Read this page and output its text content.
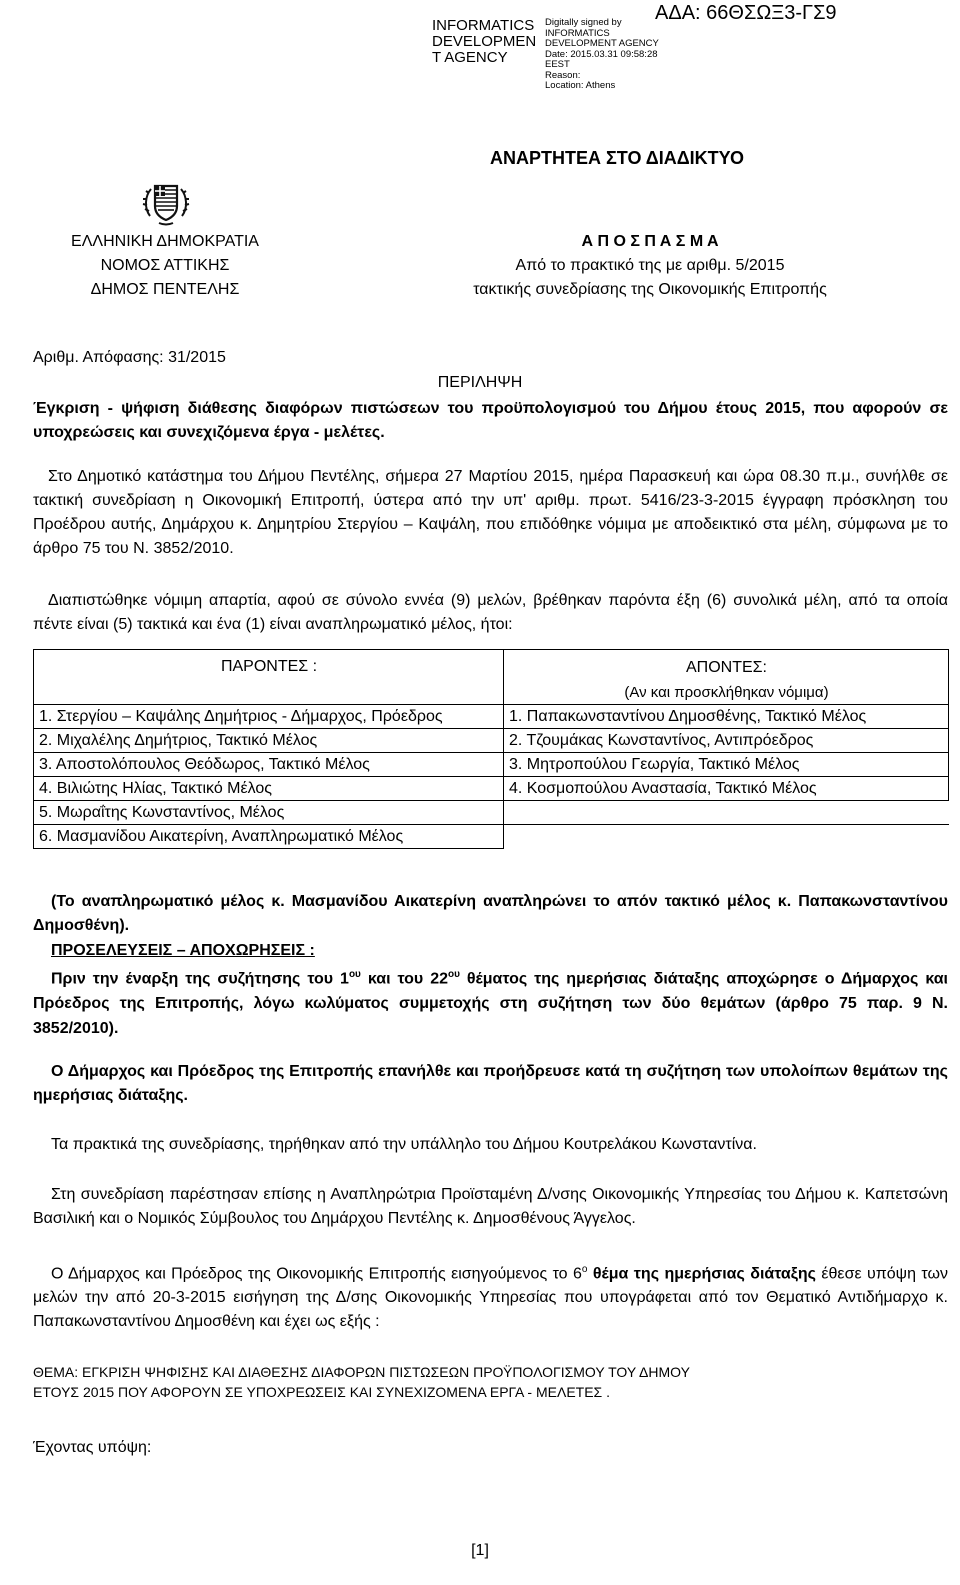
INFORMATICS DEVELOPMEN T AGENCY
Digitally signed by
INFORMATICS
DEVELOPMENT AGENCY
Date: 2015.03.31 09:58:28
EEST
Reason:
Location: Athens
ΑΔΑ: 66ΘΣΩΞ3-ΓΣ9
ΑΝΑΡΤΗΤΕΑ ΣΤΟ ΔΙΑΔΙΚΤΥΟ
ΕΛΛΗΝΙΚΗ ΔΗΜΟΚΡΑΤΙΑ
ΝΟΜΟΣ ΑΤΤΙΚΗΣ
ΔΗΜΟΣ ΠΕΝΤΕΛΗΣ
Α Π Ο Σ Π Α Σ Μ Α
Από το πρακτικό της με αριθμ. 5/2015
τακτικής συνεδρίασης της Οικονομικής Επιτροπής
Αριθμ. Απόφασης: 31/2015
ΠΕΡΙΛΗΨΗ
Έγκριση - ψήφιση διάθεσης διαφόρων πιστώσεων του προϋπολογισμού του Δήμου έτους 2015, που αφορούν σε υποχρεώσεις και συνεχιζόμενα έργα - μελέτες.
Στο Δημοτικό κατάστημα του Δήμου Πεντέλης, σήμερα 27 Μαρτίου 2015, ημέρα Παρασκευή και ώρα 08.30 π.μ., συνήλθε σε τακτική συνεδρίαση η Οικονομική Επιτροπή, ύστερα από την υπ' αριθμ. πρωτ. 5416/23-3-2015 έγγραφη πρόσκληση του Προέδρου αυτής, Δημάρχου κ. Δημητρίου Στεργίου – Καψάλη, που επιδόθηκε νόμιμα με αποδεικτικό στα μέλη, σύμφωνα με το άρθρο 75 του Ν. 3852/2010.
Διαπιστώθηκε νόμιμη απαρτία, αφού σε σύνολο εννέα (9) μελών, βρέθηκαν παρόντα έξη (6) συνολικά μέλη, από τα οποία πέντε είναι (5) τακτικά και ένα (1) είναι αναπληρωματικό μέλος, ήτοι:
ΠΑΡΟΝΤΕΣ :	ΑΠΟΝΤΕΣ:
(Αν και προσκλήθηκαν νόμιμα)

1. Στεργίου – Καψάλης Δημήτριος - Δήμαρχος, Πρόεδρος	1. Παπακωνσταντίνου Δημοσθένης, Τακτικό Μέλος
2. Μιχαλέλης Δημήτριος, Τακτικό Μέλος	2. Τζουμάκας Κωνσταντίνος, Αντιπρόεδρος
3. Αποστολόπουλος Θεόδωρος, Τακτικό Μέλος	3. Μητροπούλου Γεωργία, Τακτικό Μέλος
4. Βιλιώτης Ηλίας, Τακτικό Μέλος	4. Κοσμοπούλου Αναστασία, Τακτικό Μέλος
5. Μωραΐτης Κωνσταντίνος, Μέλος	
6. Μασμανίδου Αικατερίνη, Αναπληρωματικό Μέλος	
(Το αναπληρωματικό μέλος κ. Μασμανίδου Αικατερίνη αναπληρώνει το απόν τακτικό μέλος κ. Παπακωνσταντίνου Δημοσθένη).
ΠΡΟΣΕΛΕΥΣΕΙΣ – ΑΠΟΧΩΡΗΣΕΙΣ :
Πριν την έναρξη της συζήτησης του $1^{o\upsilon}$ και του $22^{o\upsilon}$ θέματος της ημερήσιας διάταξης αποχώρησε ο Δήμαρχος και Πρόεδρος της Επιτροπής, λόγω κωλύματος συμμετοχής στη συζήτηση των δύο θεμάτων (άρθρο 75 παρ. 9 Ν. 3852/2010).
Ο Δήμαρχος και Πρόεδρος της Επιτροπής επανήλθε και προήδρευσε κατά τη συζήτηση των υπολοίπων θεμάτων της ημερήσιας διάταξης.
Τα πρακτικά της συνεδρίασης, τηρήθηκαν από την υπάλληλο του Δήμου Κουτρελάκου Κωνσταντίνα.
Στη συνεδρίαση παρέστησαν επίσης η Αναπληρώτρια Προϊσταμένη Δ/νσης Οικονομικής Υπηρεσίας του Δήμου κ. Καπετσώνη Βασιλική και ο Νομικός Σύμβουλος του Δημάρχου Πεντέλης κ. Δημοσθένους Άγγελος.
Ο Δήμαρχος και Πρόεδρος της Οικονομικής Επιτροπής εισηγούμενος το $6^o$ θέμα της ημερήσιας διάταξης έθεσε υπόψη των μελών την από 20-3-2015 εισήγηση της Δ/σης Οικονομικής Υπηρεσίας που υπογράφεται από τον Θεματικό Αντιδήμαρχο κ. Παπακωνσταντίνου Δημοσθένη και έχει ως εξής :
ΘΕΜΑ: ΕΓΚΡΙΣΗ ΨΗΦΙΣΗΣ ΚΑΙ ΔΙΑΘΕΣΗΣ ΔΙΑΦΟΡΩΝ ΠΙΣΤΩΣΕΩΝ ΠΡΟΫΠΟΛΟΓΙΣΜΟΥ ΤΟΥ ΔΗΜΟΥ
ΕΤΟΥΣ 2015 ΠΟΥ ΑΦΟΡΟΥΝ ΣΕ ΥΠΟΧΡΕΩΣΕΙΣ ΚΑΙ ΣΥΝΕΧΙΖΟΜΕΝΑ ΕΡΓΑ - ΜΕΛΕΤΕΣ .
Έχοντας υπόψη:
[1]
